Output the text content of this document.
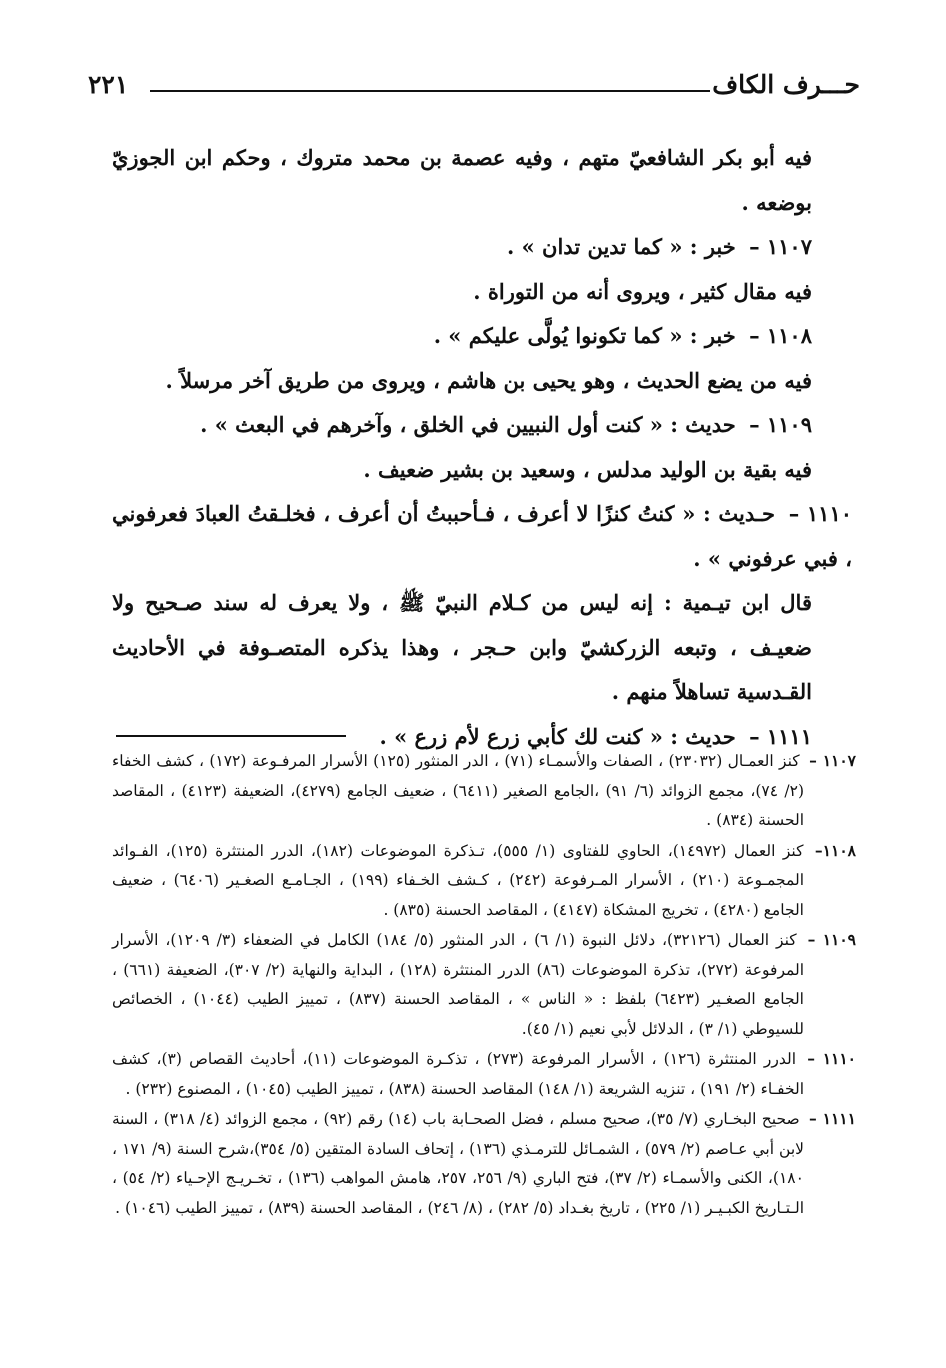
حـــرف الكاف
٢٢١

فيه أبو بكر الشافعيّ متهم ، وفيه عصمة بن محمد متروك ، وحكم ابن الجوزيّ بوضعه .

١١٠٧ – خبر : « كما تدين تدان » .

فيه مقال كثير ، ويروى أنه من التوراة .

١١٠٨ – خبر : « كما تكونوا يُولَّى عليكم » .

فيه من يضع الحديث ، وهو يحيى بن هاشم ، ويروى من طريق آخر مرسلاً .

١١٠٩ – حديث : « كنت أول النبيين في الخلق ، وآخرهم في البعث » .

فيه بقية بن الوليد مدلس ، وسعيد بن بشير ضعيف .

١١١٠ – حـديث : « كنتُ كنزًا لا أعرف ، فـأحببتُ أن أعرف ، فخلـقتُ العبادَ فعرفوني ، فبي عرفوني » .

قال ابن تيـمية : إنه ليس من كـلام النبيّ ﷺ ، ولا يعرف له سند صـحيح ولا ضعيـف ، وتبعه الزركشيّ وابن حـجر ، وهذا يذكره المتصـوفة في الأحاديث القـدسية تساهلاً منهم .

١١١١ – حديث : « كنت لك كأبي زرع لأم زرع » .

١١٠٧ – كنز العمـال (٢٣٠٣٢) ، الصفات والأسمـاء (٧١) ، الدر المنثور (١٢٥) الأسرار المرفـوعة (١٧٢) ، كشف الخفاء (٢/ ٧٤)، مجمع الزوائد (٦/ ٩١) ،الجامع الصغير (٦٤١١) ، ضعيف الجامع (٤٢٧٩)، الضعيفة (٤١٢٣) ، المقاصد الحسنة (٨٣٤) .

١١٠٨– كنز العمال (١٤٩٧٢)، الحاوي للفتاوى (١/ ٥٥٥)، تـذكرة الموضوعات (١٨٢)، الدرر المنتثرة (١٢٥)، الفـوائد المجمـوعة (٢١٠) ، الأسرار المـرفوعة (٢٤٢) ، كـشف الخـفاء (١٩٩) ، الجـامـع الصغـير (٦٤٠٦) ، ضعيف الجامع (٤٢٨٠) ، تخريج المشكاة (٤١٤٧) ، المقاصد الحسنة (٨٣٥) .

١١٠٩ – كنز العمال (٣٢١٢٦)، دلائل النبوة (١/ ٦) ، الدر المنثور (٥/ ١٨٤) الكامل في الضعفاء (٣/ ١٢٠٩)، الأسرار المرفوعة (٢٧٢)، تذكرة الموضوعات (٨٦) الدرر المنتثرة (١٢٨) ، البداية والنهاية (٢/ ٣٠٧)، الضعيفة (٦٦١) ، الجامع الصغـير (٦٤٢٣) بلفظ : « الناس » ، المقاصد الحسنة (٨٣٧) ، تمييز الطيب (١٠٤٤) ، الخصائص للسيوطي (١/ ٣) ، الدلائل لأبي نعيم (١/ ٤٥).

١١١٠ – الدرر المنتثرة (١٢٦) ، الأسرار المرفوعة (٢٧٣) ، تذكـرة الموضوعات (١١)، أحاديث القصاص (٣)، كشف الخفـاء (٢/ ١٩١) ، تنزيه الشريعة (١/ ١٤٨) المقاصد الحسنة (٨٣٨) ، تمييز الطيب (١٠٤٥) ، المصنوع (٢٣٢) .

١١١١ – صحيح البخـاري (٧/ ٣٥)، صحيح مسلم ، فضل الصحـابة باب (١٤) رقم (٩٢) ، مجمع الزوائد (٤/ ٣١٨) ، السنة لابن أبي عـاصم (٢/ ٥٧٩) ، الشمـائل للترمـذي (١٣٦) ، إتحاف السادة المتقين (٥/ ٣٥٤)،شرح السنة (٩/ ١٧١ ، ١٨٠)، الكنى والأسمـاء (٢/ ٣٧)، فتح الباري (٩/ ٢٥٦، ٢٥٧، هامش المواهب (١٣٦) ، تخـريـج الإحـياء (٢/ ٥٤) ، الـتـاريخ الكبـيـر (١/ ٢٢٥) ، تاريخ بغـداد (٥/ ٢٨٢) ، (٨/ ٢٤٦) ، المقاصد الحسنة (٨٣٩) ، تمييز الطيب (١٠٤٦) .
